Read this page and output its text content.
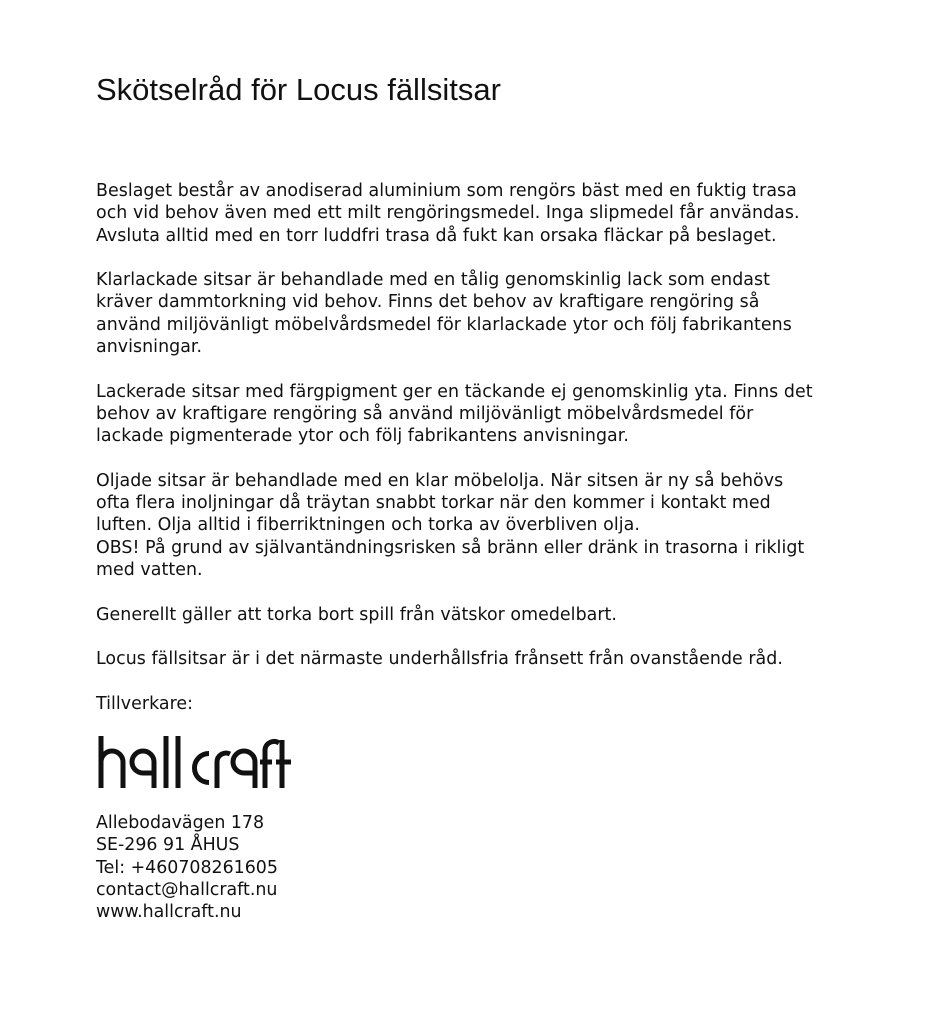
Skötselråd för Locus fällsitsar

Beslaget består av anodiserad aluminium som rengörs bäst med en fuktig trasa
och vid behov även med ett milt rengöringsmedel. Inga slipmedel får användas.
Avsluta alltid med en torr luddfri trasa då fukt kan orsaka fläckar på beslaget.

Klarlackade sitsar är behandlade med en tålig genomskinlig lack som endast
kräver dammtorkning vid behov. Finns det behov av kraftigare rengöring så
använd miljövänligt möbelvårdsmedel för klarlackade ytor och följ fabrikantens
anvisningar.

Lackerade sitsar med färgpigment ger en täckande ej genomskinlig yta. Finns det
behov av kraftigare rengöring så använd miljövänligt möbelvårdsmedel för
lackade pigmenterade ytor och följ fabrikantens anvisningar.

Oljade sitsar är behandlade med en klar möbelolja. När sitsen är ny så behövs
ofta flera inoljningar då träytan snabbt torkar när den kommer i kontakt med
luften. Olja alltid i fiberriktningen och torka av överbliven olja.
OBS! På grund av självantändningsrisken så bränn eller dränk in trasorna i rikligt
med vatten.

Generellt gäller att torka bort spill från vätskor omedelbart.

Locus fällsitsar är i det närmaste underhållsfria frånsett från ovanstående råd.

Tillverkare:

Allebodavägen 178
SE-296 91 ÅHUS
Tel: +460708261605
contact@hallcraft.nu
www.hallcraft.nu
